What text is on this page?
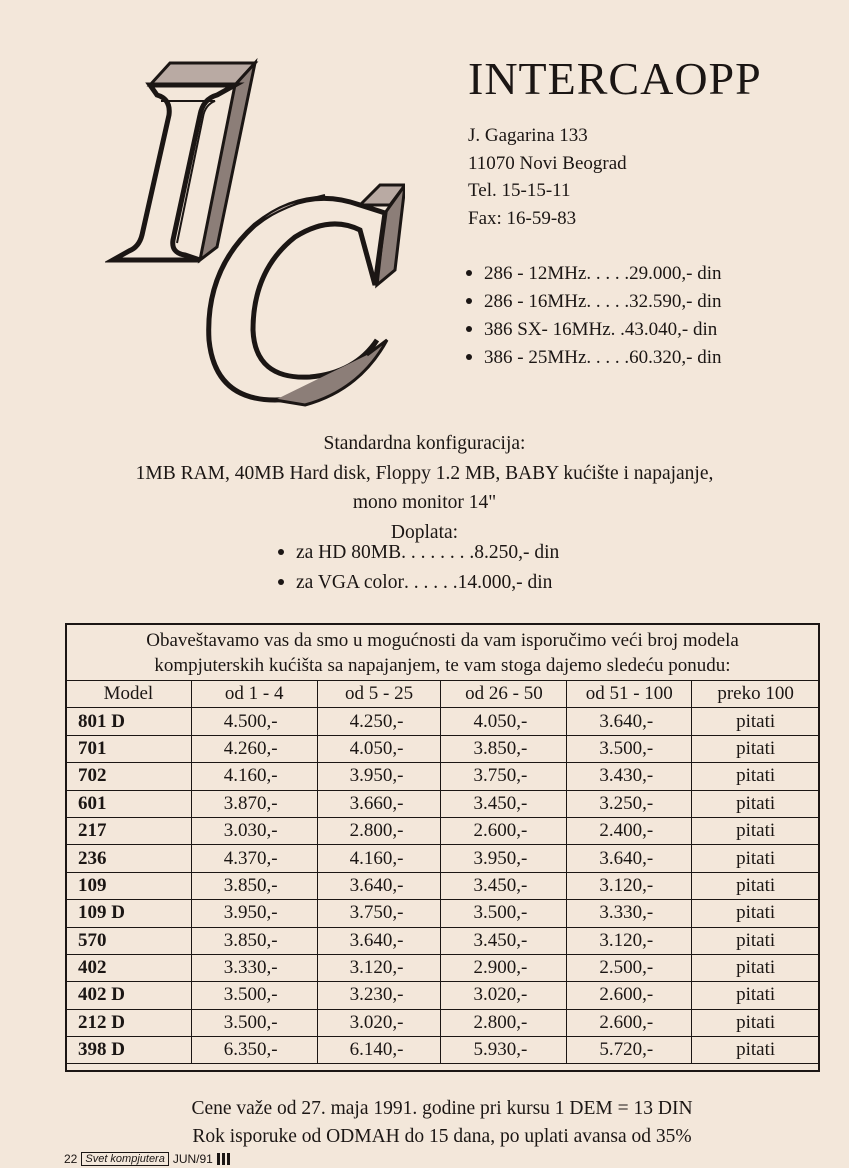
INTERCAOPP
J. Gagarina 133
11070 Novi Beograd
Tel. 15-15-11
Fax: 16-59-83
286 - 12MHz . . . . . 29.000,- din
286 - 16MHz . . . . . 32.590,- din
386 SX- 16MHz . . 43.040,- din
386 - 25MHz . . . . . 60.320,- din
Standardna konfiguracija:
1MB RAM, 40MB Hard disk, Floppy 1.2 MB, BABY kućište i napajanje,
mono monitor 14"
Doplata:
za HD 80MB . . . . . . . . 8.250,- din
za VGA color . . . . . . 14.000,- din
Obaveštavamo vas da smo u mogućnosti da vam isporučimo veći broj modela
kompjuterskih kućišta sa napajanjem, te vam stoga dajemo sledeću ponudu:
Model	od 1 - 4	od 5 - 25	od 26 - 50	od 51 - 100	preko 100
801 D	4.500,-	4.250,-	4.050,-	3.640,-	pitati
701	4.260,-	4.050,-	3.850,-	3.500,-	pitati
702	4.160,-	3.950,-	3.750,-	3.430,-	pitati
601	3.870,-	3.660,-	3.450,-	3.250,-	pitati
217	3.030,-	2.800,-	2.600,-	2.400,-	pitati
236	4.370,-	4.160,-	3.950,-	3.640,-	pitati
109	3.850,-	3.640,-	3.450,-	3.120,-	pitati
109 D	3.950,-	3.750,-	3.500,-	3.330,-	pitati
570	3.850,-	3.640,-	3.450,-	3.120,-	pitati
402	3.330,-	3.120,-	2.900,-	2.500,-	pitati
402 D	3.500,-	3.230,-	3.020,-	2.600,-	pitati
212 D	3.500,-	3.020,-	2.800,-	2.600,-	pitati
398 D	6.350,-	6.140,-	5.930,-	5.720,-	pitati
Cene važe od 27. maja 1991. godine pri kursu 1 DEM = 13 DIN
Rok isporuke od ODMAH do 15 dana, po uplati avansa od 35%
22 Svet kompjutera JUN/91
